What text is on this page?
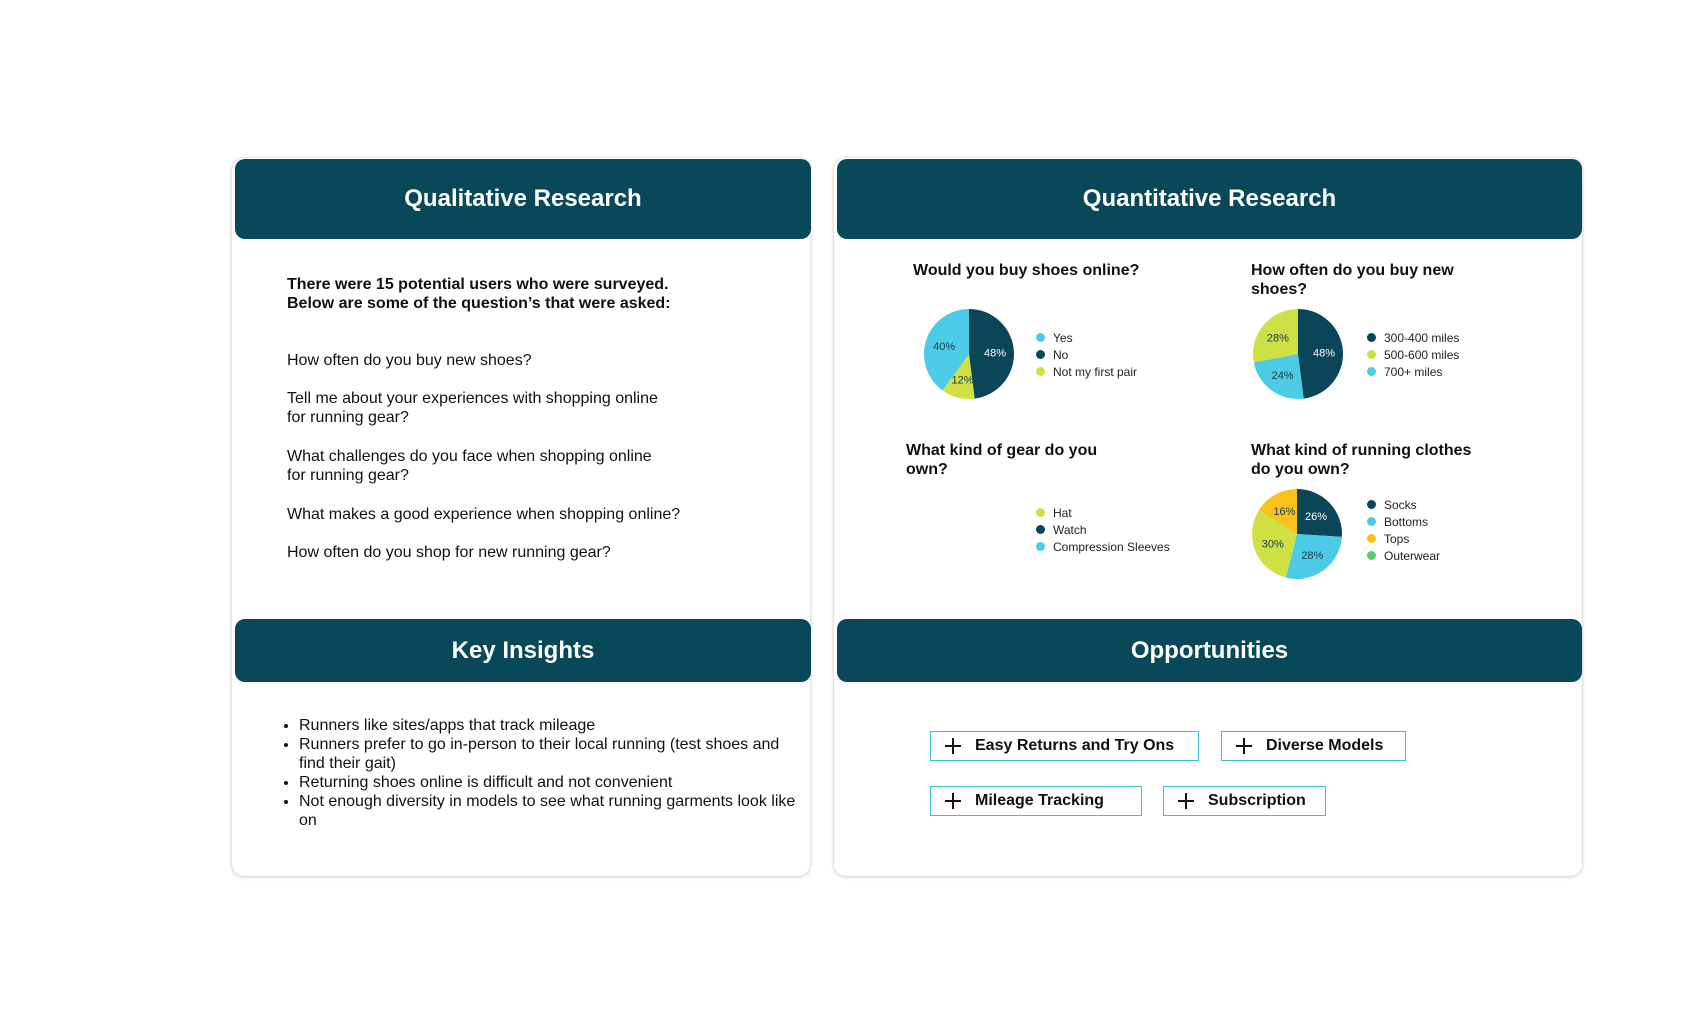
Qualitative Research	Quantitative Research
Key Insights	Opportunities
There were 15 potential users who were surveyed.
Below are some of the question’s that were asked:
How often do you buy new shoes?
Tell me about your experiences with shopping online
for running gear?
What challenges do you face when shopping online
for running gear?
What makes a good experience when shopping online?
How often do you shop for new running gear?
• Runners like sites/apps that track mileage
• Runners prefer to go in-person to their local running (test shoes and find their gait)
• Returning shoes online is difficult and not convenient
• Not enough diversity in models to see what running garments look like on
Would you buy shoes online?	How often do you buy new
shoes?
What kind of gear do you
own?
What kind of running clothes
do you own?
48%
12%
40%
48%
24%
28%
26%
28%
30%
16%
Yes
No
Not my first pair
300-400 miles
500-600 miles
700+ miles
Hat
Watch
Compression Sleeves
Socks
Bottoms
Tops
Outerwear
Easy Returns and Try Ons	Diverse Models
Mileage Tracking	Subscription
